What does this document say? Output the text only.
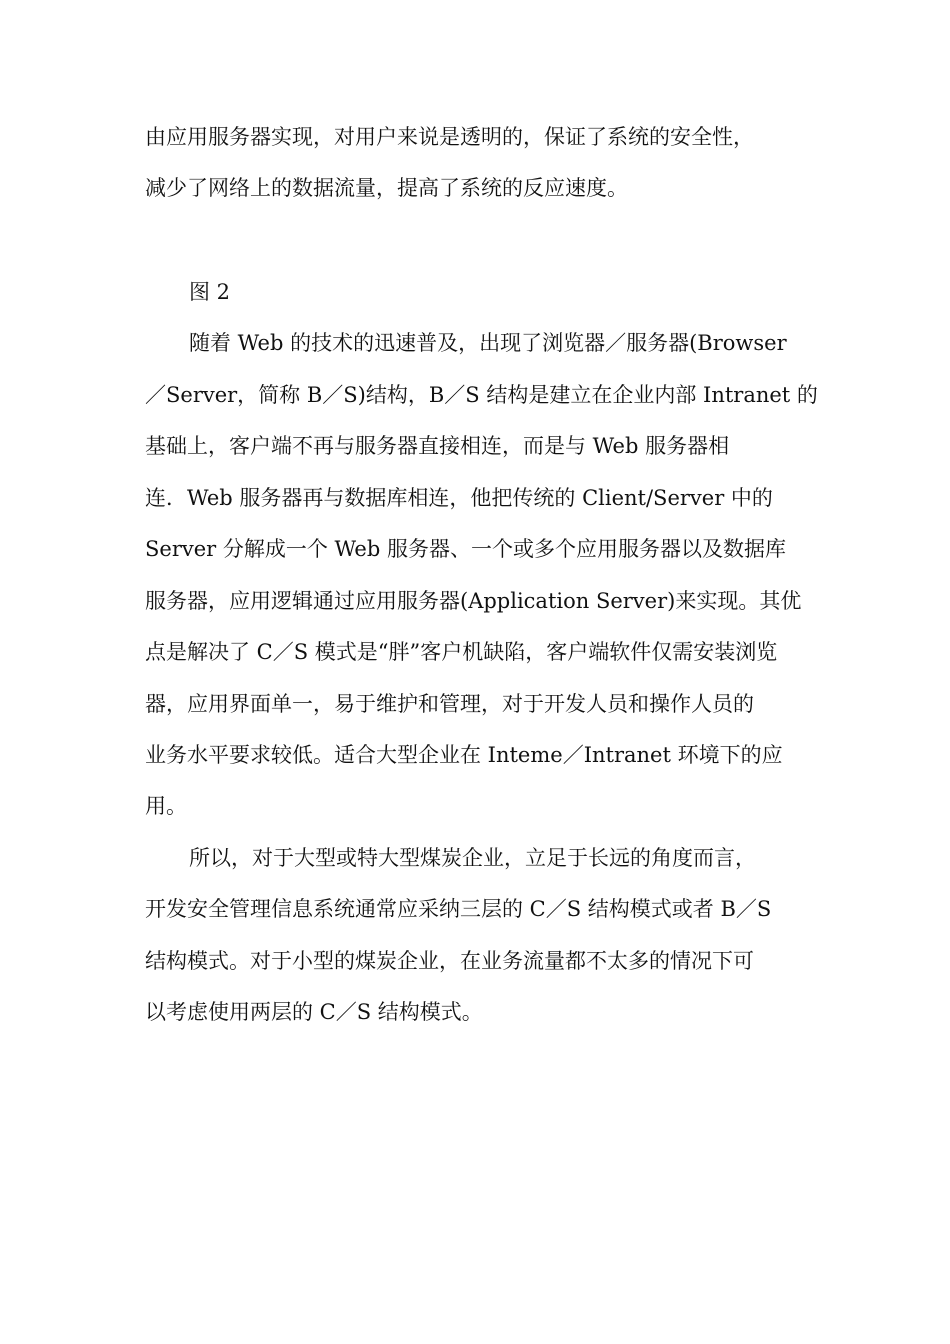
由应用服务器实现，对用户来说是透明的，保证了系统的安全性，
减少了网络上的数据流量，提高了系统的反应速度。
图 2
随着 Web 的技术的迅速普及，出现了浏览器／服务器(Browser
／Server，简称 B／S)结构，B／S 结构是建立在企业内部 Intranet 的
基础上，客户端不再与服务器直接相连，而是与 Web 服务器相
连．Web 服务器再与数据库相连，他把传统的 Client/Server 中的
Server 分解成一个 Web 服务器、一个或多个应用服务器以及数据库
服务器，应用逻辑通过应用服务器(Application Server)来实现。其优
点是解决了 C／S 模式是“胖”客户机缺陷，客户端软件仅需安装浏览
器，应用界面单一，易于维护和管理，对于开发人员和操作人员的
业务水平要求较低。适合大型企业在 Inteme／Intranet 环境下的应
用。
所以，对于大型或特大型煤炭企业，立足于长远的角度而言，
开发安全管理信息系统通常应采纳三层的 C／S 结构模式或者 B／S
结构模式。对于小型的煤炭企业，在业务流量都不太多的情况下可
以考虑使用两层的 C／S 结构模式。
